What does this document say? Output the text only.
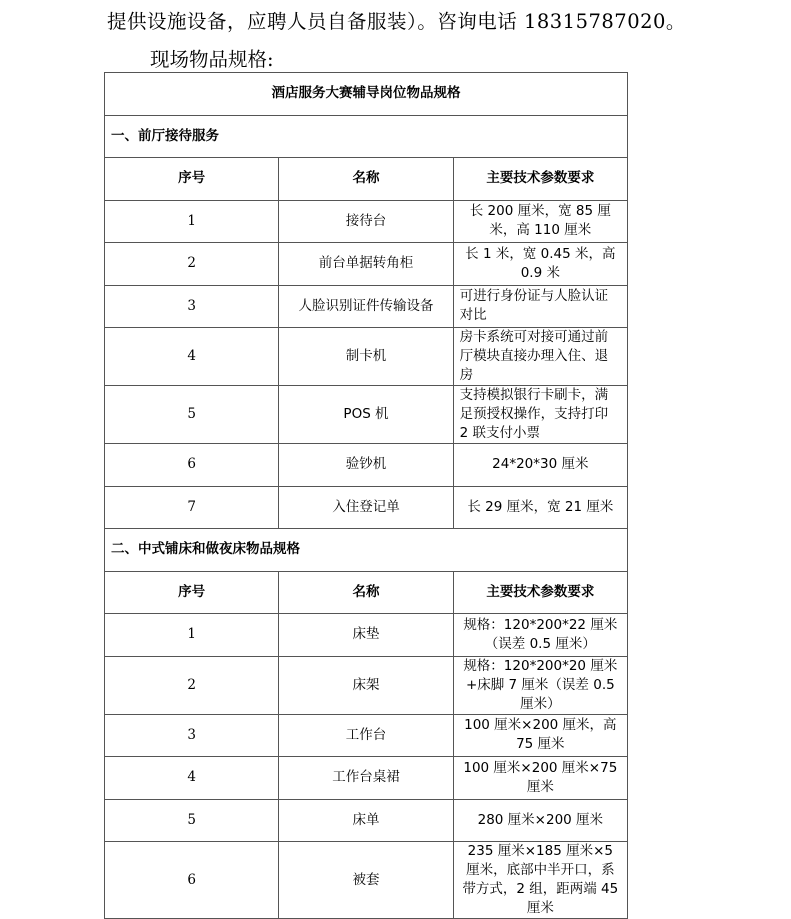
提供设施设备，应聘人员自备服装）。咨询电话 18315787020。
现场物品规格:
酒店服务大赛辅导岗位物品规格		
一、前厅接待服务		
序号	名称	主要技术参数要求
1	接待台	长 200 厘米，宽 85 厘米，高 110 厘米
2	前台单据转角柜	长 1 米，宽 0.45 米，高 0.9 米
3	人脸识别证件传输设备	可进行身份证与人脸认证对比
4	制卡机	房卡系统可对接可通过前厅模块直接办理入住、退房
5	POS 机	支持模拟银行卡刷卡，满足预授权操作，支持打印 2 联支付小票
6	验钞机	24*20*30 厘米
7	入住登记单	长 29 厘米，宽 21 厘米
二、中式铺床和做夜床物品规格		
序号	名称	主要技术参数要求
1	床垫	规格：120*200*22 厘米（误差 0.5 厘米）
2	床架	规格：120*200*20 厘米+床脚 7 厘米（误差 0.5 厘米）
3	工作台	100 厘米×200 厘米，高 75 厘米
4	工作台桌裙	100 厘米×200 厘米×75 厘米
5	床单	280 厘米×200 厘米
6	被套	235 厘米×185 厘米×5 厘米，底部中半开口，系带方式，2 组，距两端 45 厘米
